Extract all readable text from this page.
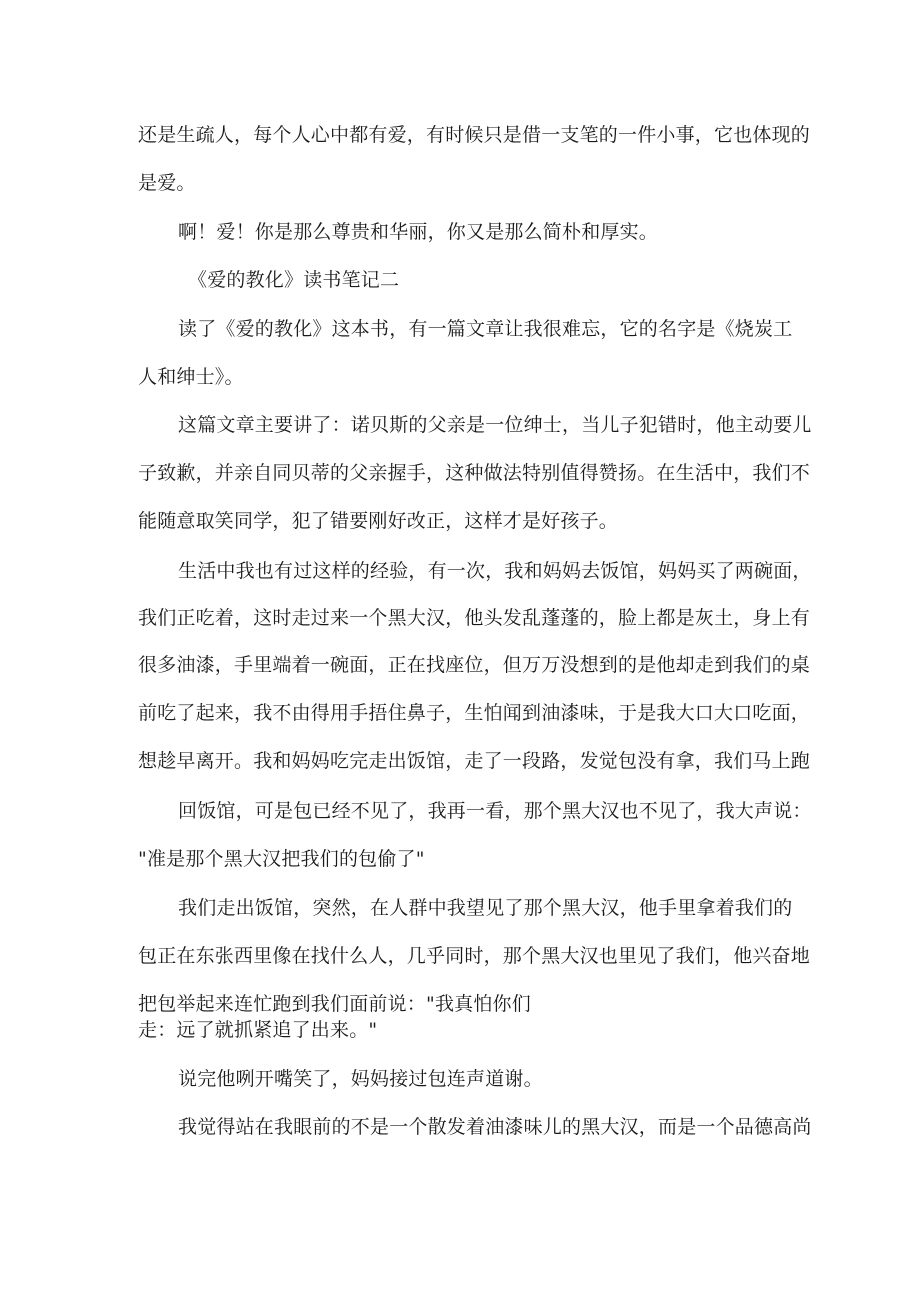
还是生疏人，每个人心中都有爱，有时候只是借一支笔的一件小事，它也体现的
是爱。
啊！爱！你是那么尊贵和华丽，你又是那么简朴和厚实。
《爱的教化》读书笔记二
读了《爱的教化》这本书，有一篇文章让我很难忘，它的名字是《烧炭工
人和绅士》。
这篇文章主要讲了：诺贝斯的父亲是一位绅士，当儿子犯错时，他主动要儿
子致歉，并亲自同贝蒂的父亲握手，这种做法特别值得赞扬。在生活中，我们不
能随意取笑同学，犯了错要刚好改正，这样才是好孩子。
生活中我也有过这样的经验，有一次，我和妈妈去饭馆，妈妈买了两碗面，
我们正吃着，这时走过来一个黑大汉，他头发乱蓬蓬的，脸上都是灰土，身上有
很多油漆，手里端着一碗面，正在找座位，但万万没想到的是他却走到我们的桌
前吃了起来，我不由得用手捂住鼻子，生怕闻到油漆味，于是我大口大口吃面，
想趁早离开。我和妈妈吃完走出饭馆，走了一段路，发觉包没有拿，我们马上跑
回饭馆，可是包已经不见了，我再一看，那个黑大汉也不见了，我大声说：
"准是那个黑大汉把我们的包偷了"
我们走出饭馆，突然，在人群中我望见了那个黑大汉，他手里拿着我们的
包正在东张西里像在找什么人，几乎同时，那个黑大汉也里见了我们，他兴奋地
把包举起来连忙跑到我们面前说："我真怕你们
走：远了就抓紧追了出来。"
说完他咧开嘴笑了，妈妈接过包连声道谢。
我觉得站在我眼前的不是一个散发着油漆味儿的黑大汉，而是一个品德高尚
